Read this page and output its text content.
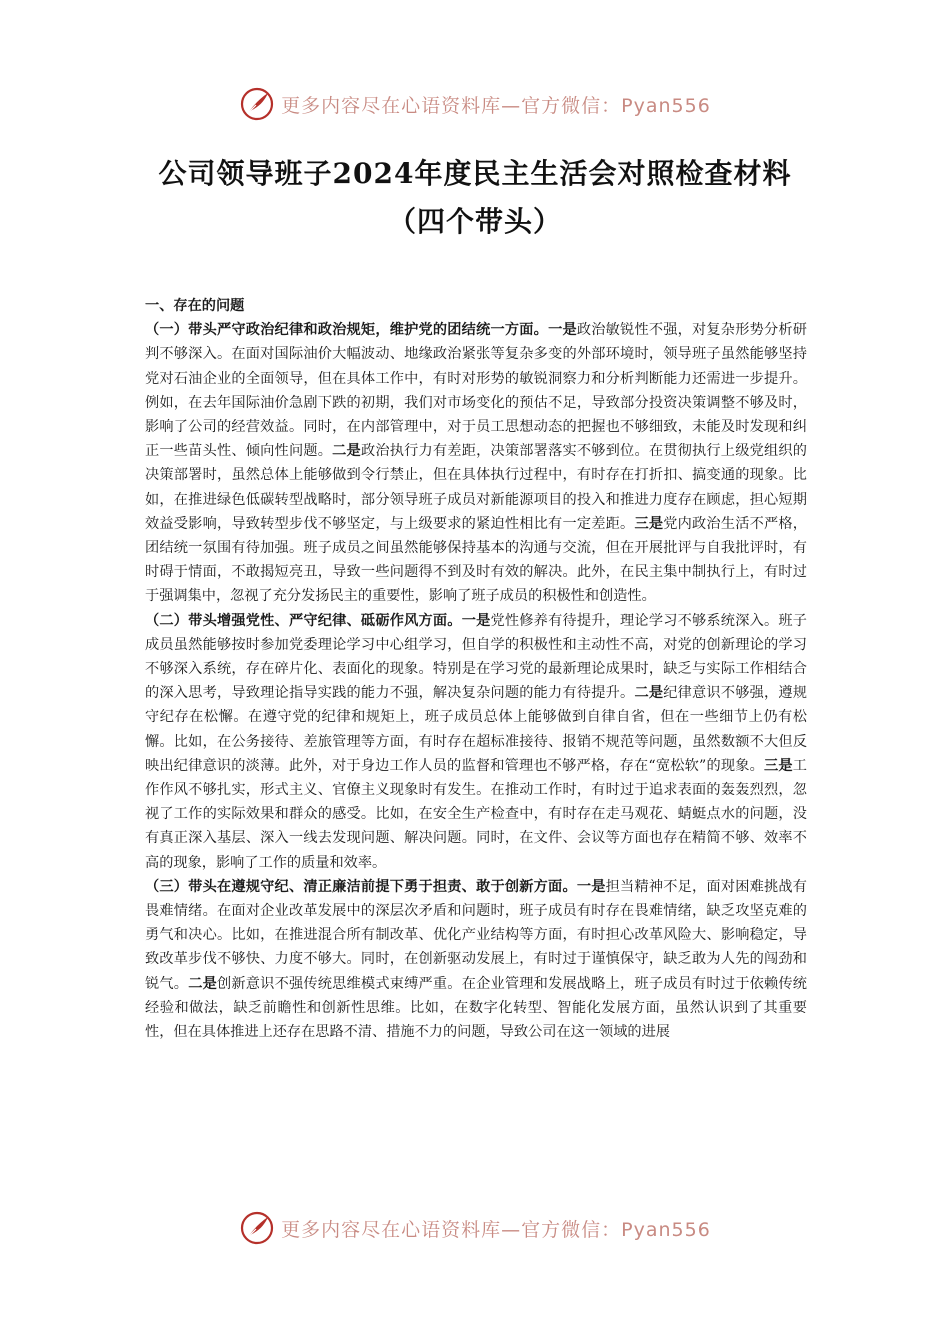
更多内容尽在心语资料库—官方微信：Pyan556
公司领导班子2024年度民主生活会对照检查材料
（四个带头）

一、存在的问题

（一）带头严守政治纪律和政治规矩，维护党的团结统一方面。一是政治敏锐性不强，对复杂形势分析研判不够深入。在面对国际油价大幅波动、地缘政治紧张等复杂多变的外部环境时，领导班子虽然能够坚持党对石油企业的全面领导，但在具体工作中，有时对形势的敏锐洞察力和分析判断能力还需进一步提升。例如，在去年国际油价急剧下跌的初期，我们对市场变化的预估不足，导致部分投资决策调整不够及时，影响了公司的经营效益。同时，在内部管理中，对于员工思想动态的把握也不够细致，未能及时发现和纠正一些苗头性、倾向性问题。二是政治执行力有差距，决策部署落实不够到位。在贯彻执行上级党组织的决策部署时，虽然总体上能够做到令行禁止，但在具体执行过程中，有时存在打折扣、搞变通的现象。比如，在推进绿色低碳转型战略时，部分领导班子成员对新能源项目的投入和推进力度存在顾虑，担心短期效益受影响，导致转型步伐不够坚定，与上级要求的紧迫性相比有一定差距。三是党内政治生活不严格，团结统一氛围有待加强。班子成员之间虽然能够保持基本的沟通与交流，但在开展批评与自我批评时，有时碍于情面，不敢揭短亮丑，导致一些问题得不到及时有效的解决。此外，在民主集中制执行上，有时过于强调集中，忽视了充分发扬民主的重要性，影响了班子成员的积极性和创造性。

（二）带头增强党性、严守纪律、砥砺作风方面。一是党性修养有待提升，理论学习不够系统深入。班子成员虽然能够按时参加党委理论学习中心组学习，但自学的积极性和主动性不高，对党的创新理论的学习不够深入系统，存在碎片化、表面化的现象。特别是在学习党的最新理论成果时，缺乏与实际工作相结合的深入思考，导致理论指导实践的能力不强，解决复杂问题的能力有待提升。二是纪律意识不够强，遵规守纪存在松懈。在遵守党的纪律和规矩上，班子成员总体上能够做到自律自省，但在一些细节上仍有松懈。比如，在公务接待、差旅管理等方面，有时存在超标准接待、报销不规范等问题，虽然数额不大但反映出纪律意识的淡薄。此外，对于身边工作人员的监督和管理也不够严格，存在“宽松软”的现象。三是工作作风不够扎实，形式主义、官僚主义现象时有发生。在推动工作时，有时过于追求表面的轰轰烈烈，忽视了工作的实际效果和群众的感受。比如，在安全生产检查中，有时存在走马观花、蜻蜓点水的问题，没有真正深入基层、深入一线去发现问题、解决问题。同时，在文件、会议等方面也存在精简不够、效率不高的现象，影响了工作的质量和效率。

（三）带头在遵规守纪、清正廉洁前提下勇于担责、敢于创新方面。一是担当精神不足，面对困难挑战有畏难情绪。在面对企业改革发展中的深层次矛盾和问题时，班子成员有时存在畏难情绪，缺乏攻坚克难的勇气和决心。比如，在推进混合所有制改革、优化产业结构等方面，有时担心改革风险大、影响稳定，导致改革步伐不够快、力度不够大。同时，在创新驱动发展上，有时过于谨慎保守，缺乏敢为人先的闯劲和锐气。二是创新意识不强传统思维模式束缚严重。在企业管理和发展战略上，班子成员有时过于依赖传统经验和做法，缺乏前瞻性和创新性思维。比如，在数字化转型、智能化发展方面，虽然认识到了其重要性，但在具体推进上还存在思路不清、措施不力的问题，导致公司在这一领域的进展

更多内容尽在心语资料库—官方微信：Pyan556
